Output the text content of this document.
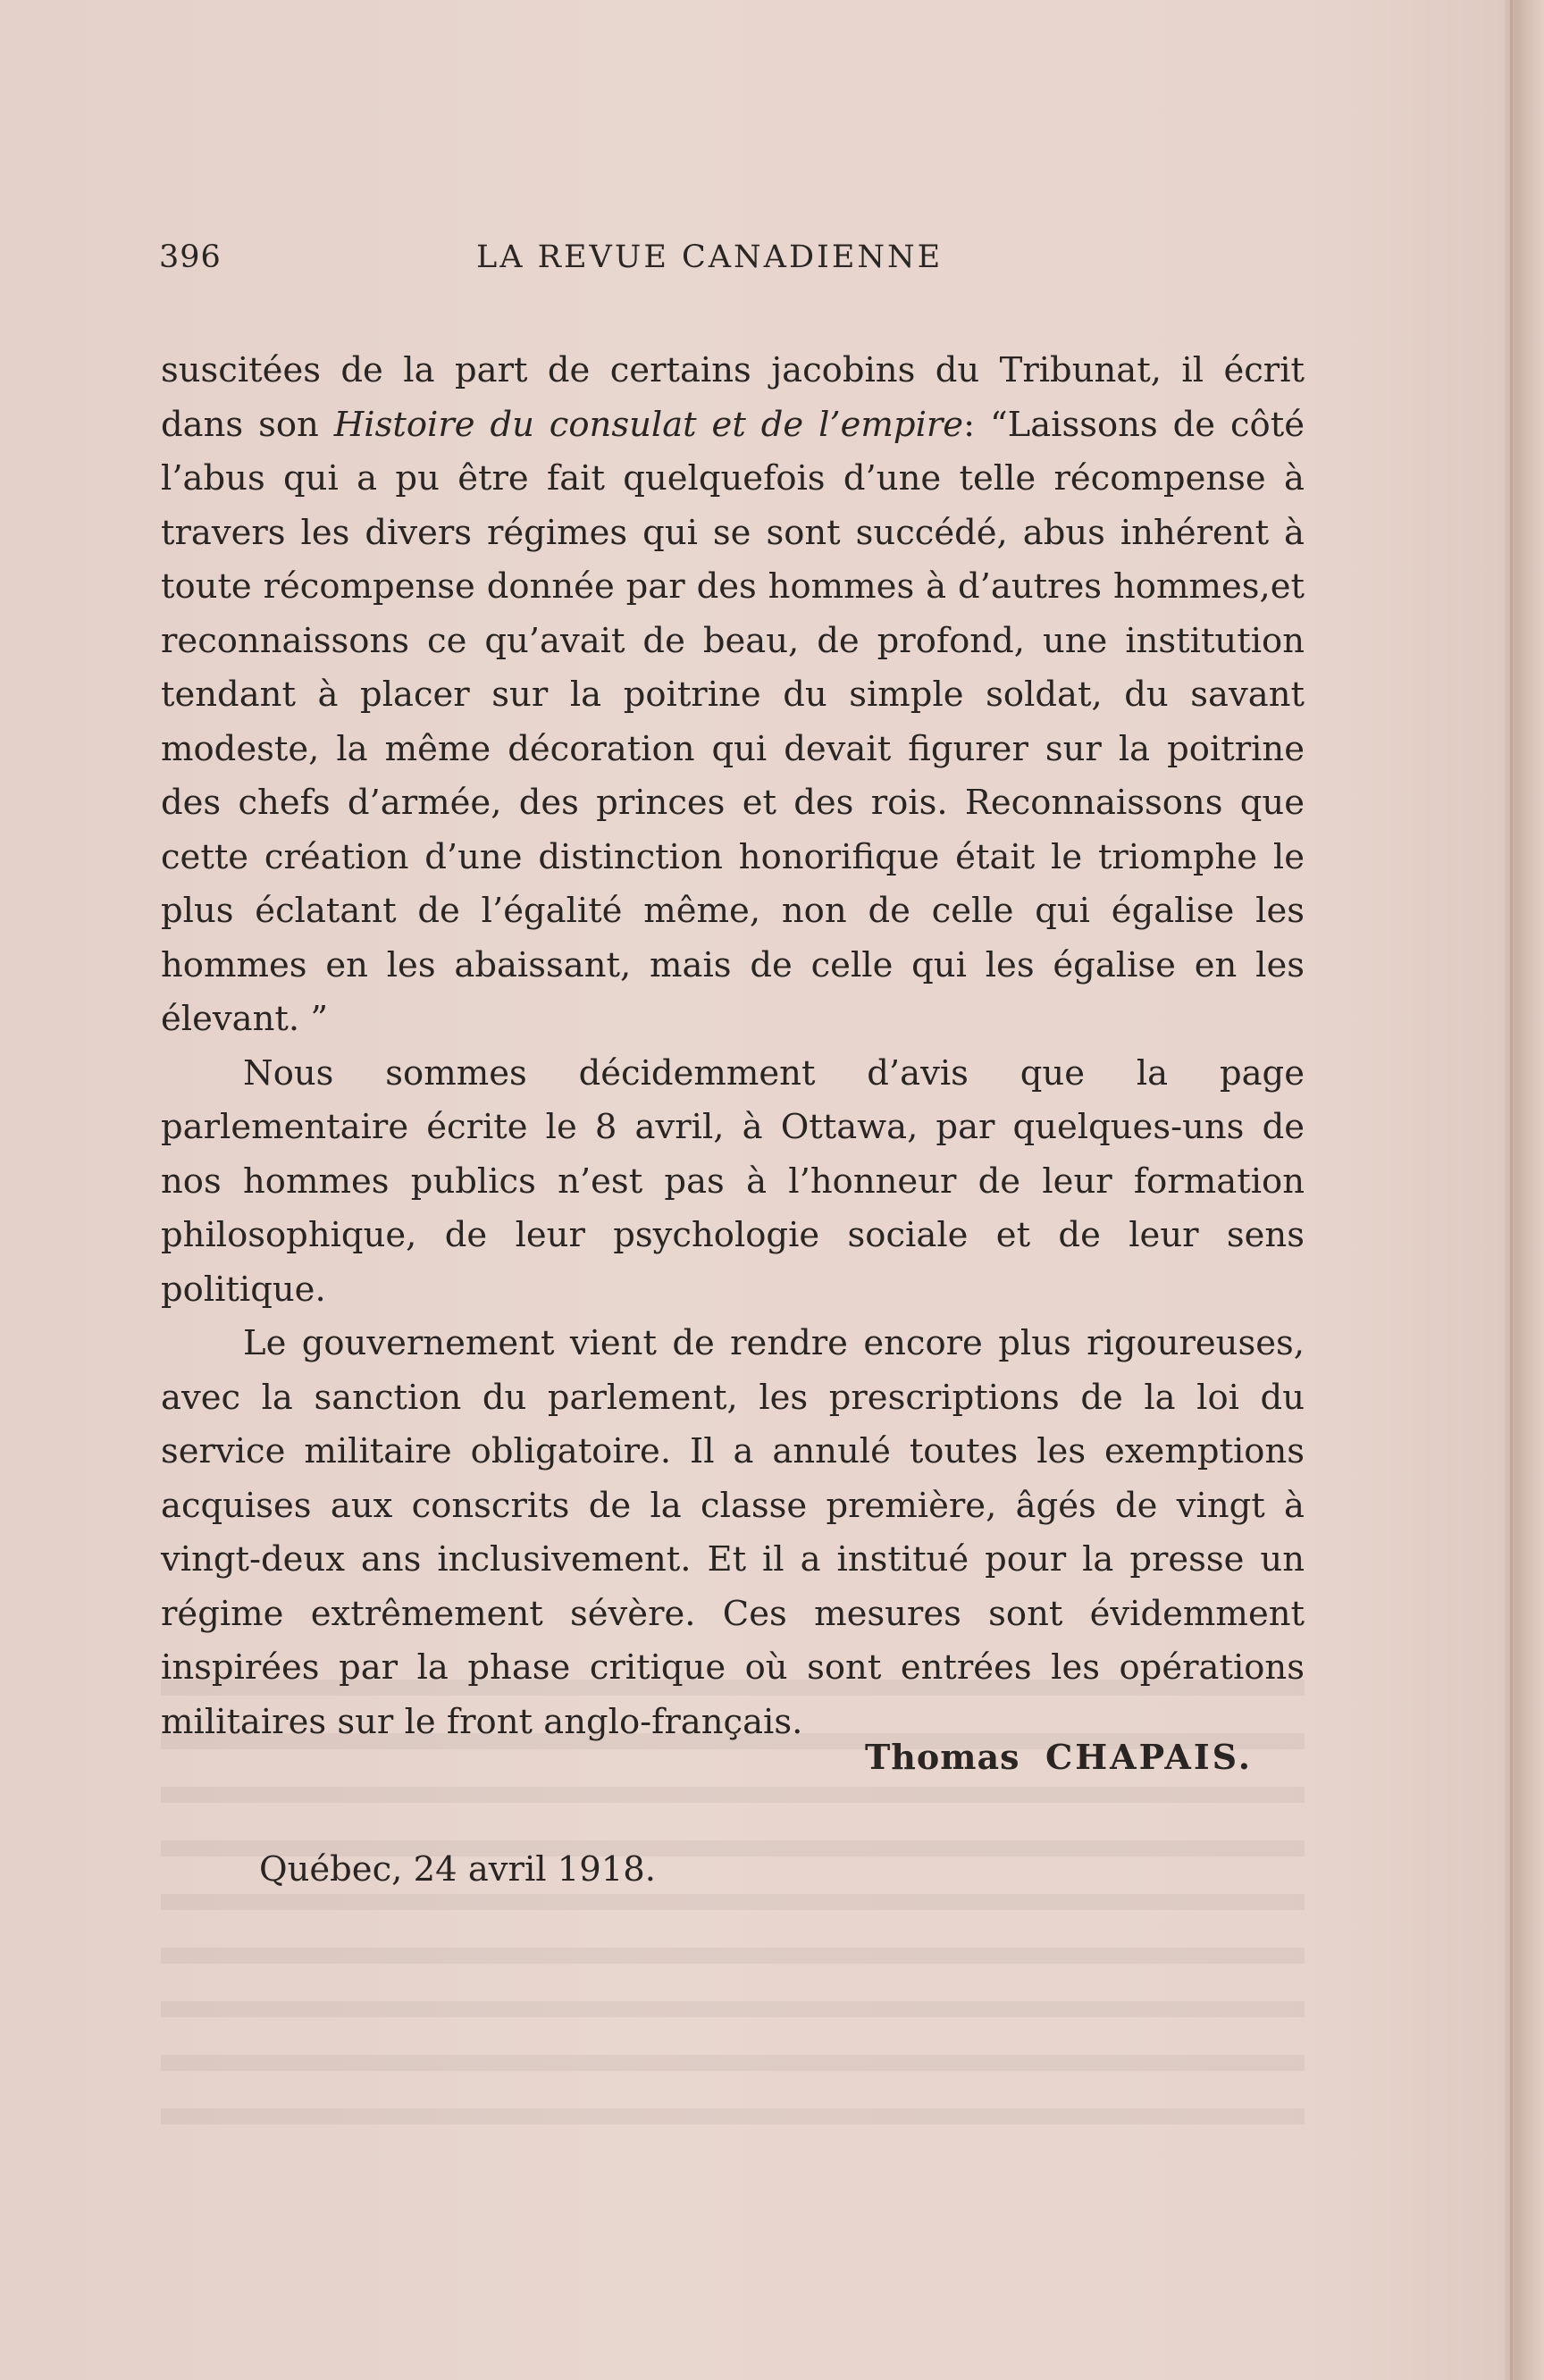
396	LA REVUE CANADIENNE

suscitées de la part de certains jacobins du Tribunat, il écrit dans son Histoire du consulat et de l’empire: “Laissons de côté l’abus qui a pu être fait quelquefois d’une telle récompense à travers les divers régimes qui se sont succédé, abus inhérent à toute récompense donnée par des hommes à d’autres hommes,et reconnaissons ce qu’avait de beau, de profond, une institution tendant à placer sur la poitrine du simple soldat, du savant modeste, la même décoration qui devait figurer sur la poitrine des chefs d’armée, des princes et des rois. Reconnaissons que cette création d’une distinction honorifique était le triomphe le plus éclatant de l’égalité même, non de celle qui égalise les hommes en les abaissant, mais de celle qui les égalise en les élevant. ”

Nous sommes décidemment d’avis que la page parlementaire écrite le 8 avril, à Ottawa, par quelques-uns de nos hommes publics n’est pas à l’honneur de leur formation philosophique, de leur psychologie sociale et de leur sens politique.

Le gouvernement vient de rendre encore plus rigoureuses, avec la sanction du parlement, les prescriptions de la loi du service militaire obligatoire. Il a annulé toutes les exemptions acquises aux conscrits de la classe première, âgés de vingt à vingt-deux ans inclusivement. Et il a institué pour la presse un régime extrêmement sévère. Ces mesures sont évidemment inspirées par la phase critique où sont entrées les opérations militaires sur le front anglo-français.

Thomas CHAPAIS.
Québec, 24 avril 1918.
